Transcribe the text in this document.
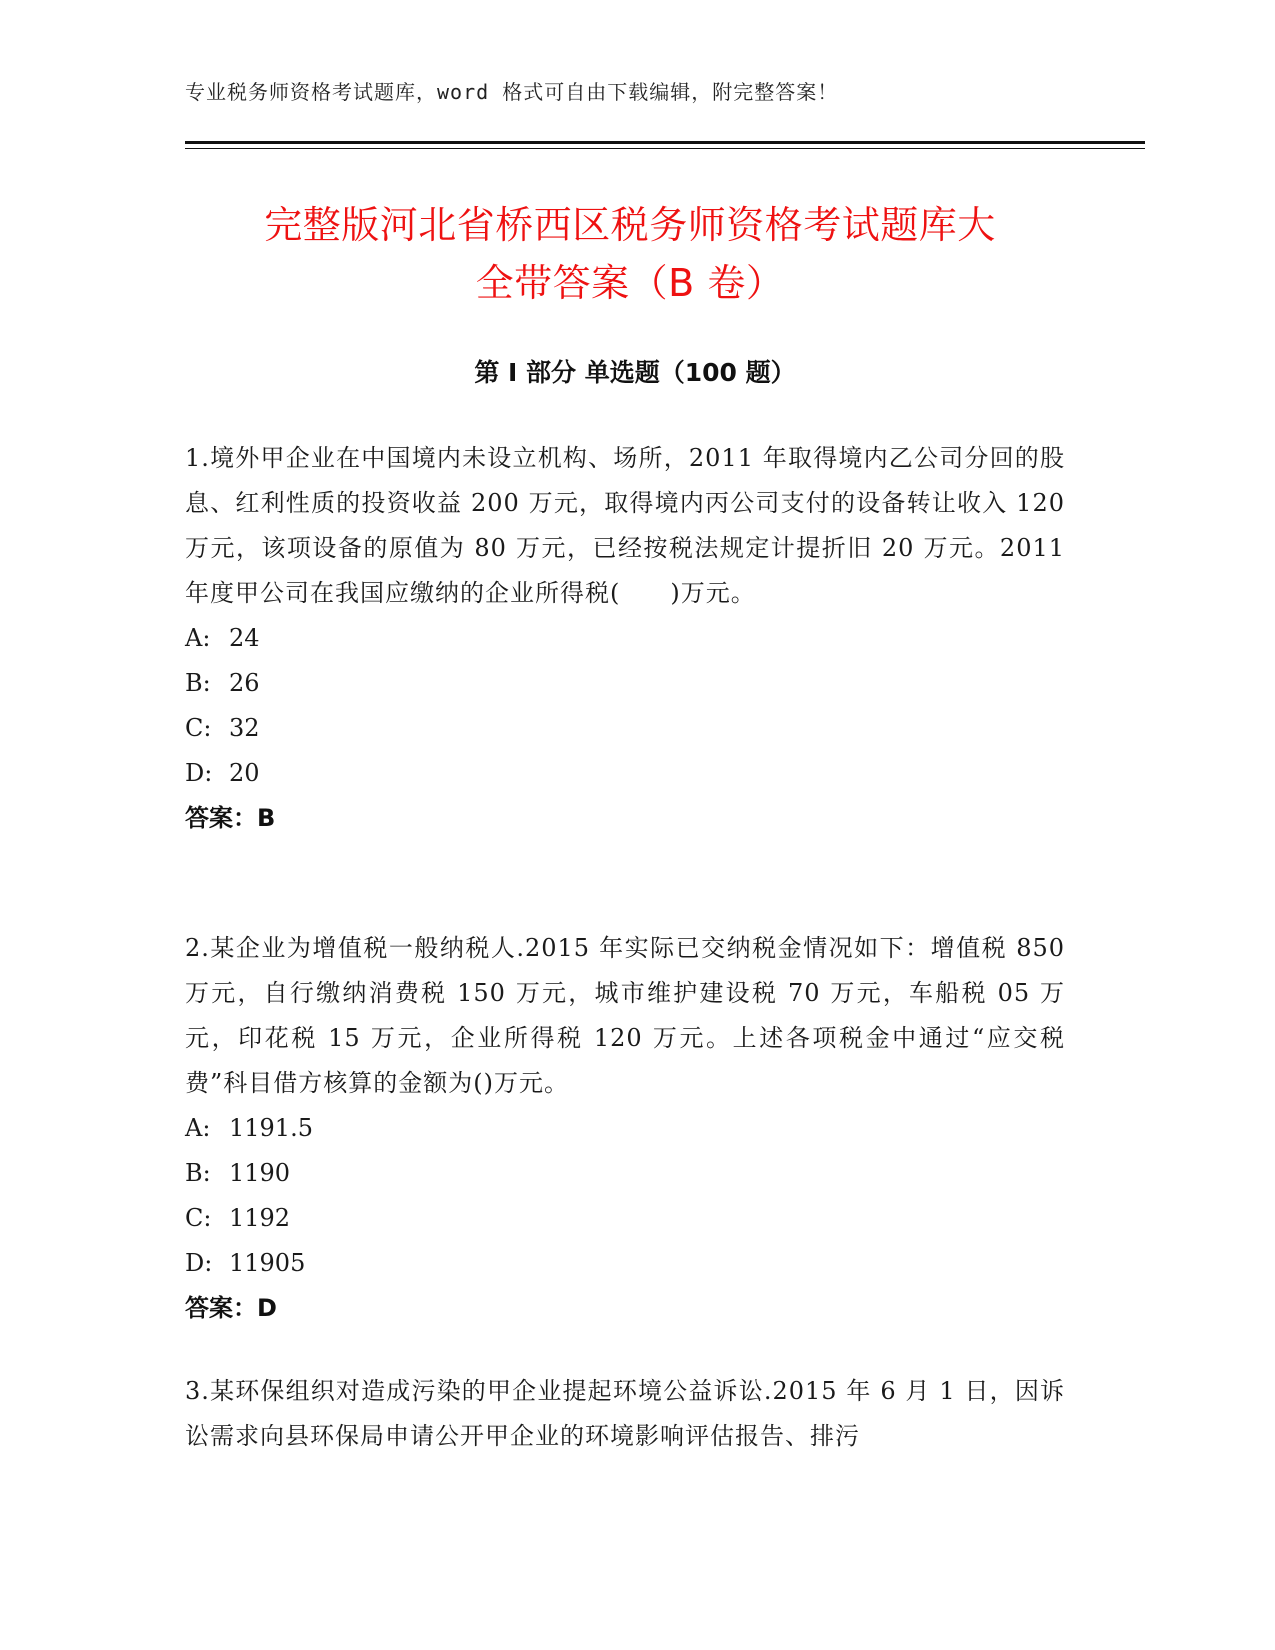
专业税务师资格考试题库，word 格式可自由下载编辑，附完整答案！
完整版河北省桥西区税务师资格考试题库大
全带答案（B 卷）
第 I 部分 单选题（100 题）

1.境外甲企业在中国境内未设立机构、场所，2011 年取得境内乙公司分回的股息、红利性质的投资收益 200 万元，取得境内丙公司支付的设备转让收入 120 万元，该项设备的原值为 80 万元，已经按税法规定计提折旧 20 万元。2011 年度甲公司在我国应缴纳的企业所得税(　　)万元。

A: 24

B: 26

C: 32

D: 20

答案：B

2.某企业为增值税一般纳税人.2015 年实际已交纳税金情况如下：增值税 850 万元，自行缴纳消费税 150 万元，城市维护建设税 70 万元，车船税 05 万元，印花税 15 万元，企业所得税 120 万元。上述各项税金中通过“应交税费”科目借方核算的金额为()万元。

A: 1191.5

B: 1190

C: 1192

D: 11905

答案：D

3.某环保组织对造成污染的甲企业提起环境公益诉讼.2015 年 6 月 1 日，因诉讼需求向县环保局申请公开甲企业的环境影响评估报告、排污
